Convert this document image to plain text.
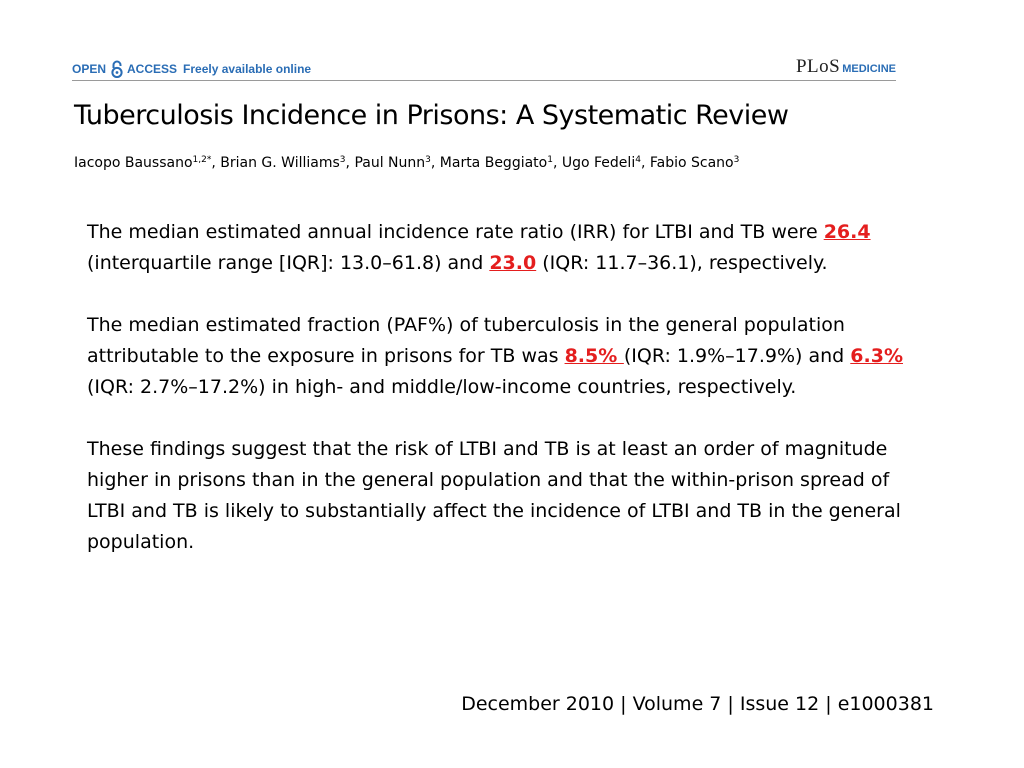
OPEN ACCESS Freely available online	PLoS MEDICINE
Tuberculosis Incidence in Prisons: A Systematic Review
Iacopo Baussano$^{1,2*}$, Brian G. Williams$^3$, Paul Nunn$^3$, Marta Beggiato$^1$, Ugo Fedeli$^4$, Fabio Scano$^3$

The median estimated annual incidence rate ratio (IRR) for LTBI and TB were 26.4 (interquartile range [IQR]: 13.0–61.8) and 23.0 (IQR: 11.7–36.1), respectively.

The median estimated fraction (PAF%) of tuberculosis in the general population attributable to the exposure in prisons for TB was 8.5% (IQR: 1.9%–17.9%) and 6.3% (IQR: 2.7%–17.2%) in high- and middle/low-income countries, respectively.

These findings suggest that the risk of LTBI and TB is at least an order of magnitude higher in prisons than in the general population and that the within-prison spread of LTBI and TB is likely to substantially affect the incidence of LTBI and TB in the general population.

December 2010 | Volume 7 | Issue 12 | e1000381
